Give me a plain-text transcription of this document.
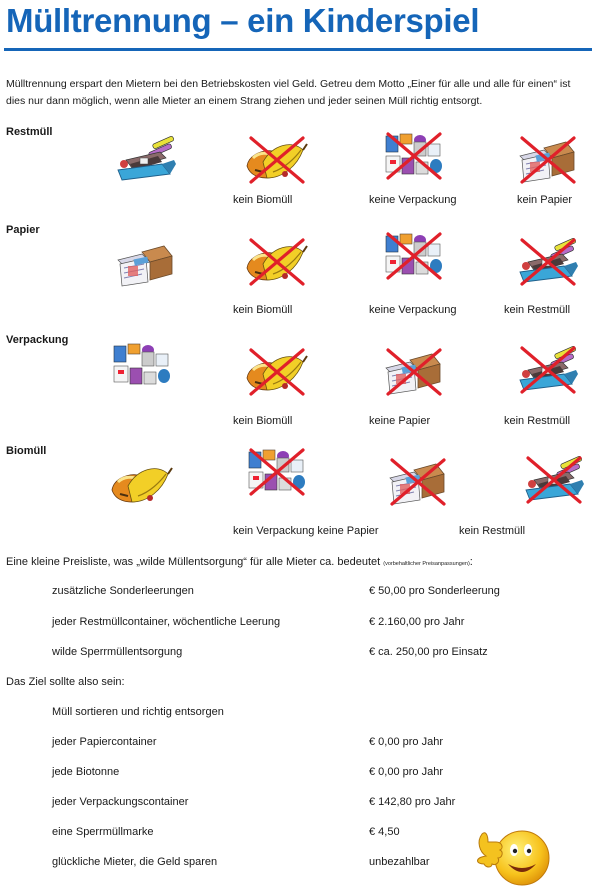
Mülltrennung – ein Kinderspiel

Mülltrennung erspart den Mietern bei den Betriebskosten viel Geld. Getreu dem Motto „Einer für alle und alle für einen“ ist dies nur dann möglich, wenn alle Mieter an einem Strang ziehen und jeder seinen Müll richtig entsorgt.

Restmüll
kein Biomüll	keine Verpackung	kein Papier
Papier
kein Biomüll	keine Verpackung	kein Restmüll
Verpackung
kein Biomüll	keine Papier	kein Restmüll
Biomüll
kein Verpackung keine Papier	kein Restmüll
Eine kleine Preisliste, was „wilde Müllentsorgung“ für alle Mieter ca. bedeutet (vorbehaltlicher Preisanpassungen):
zusätzliche Sonderleerungen	€ 50,00 pro Sonderleerung
jeder Restmüllcontainer, wöchentliche Leerung	€ 2.160,00 pro Jahr
wilde Sperrmüllentsorgung	€ ca. 250,00 pro Einsatz
Das Ziel sollte also sein:
Müll sortieren und richtig entsorgen
jeder Papiercontainer	€ 0,00 pro Jahr
jede Biotonne	€ 0,00 pro Jahr
jeder Verpackungscontainer	€ 142,80 pro Jahr
eine Sperrmüllmarke	€ 4,50
glückliche Mieter, die Geld sparen	unbezahlbar
